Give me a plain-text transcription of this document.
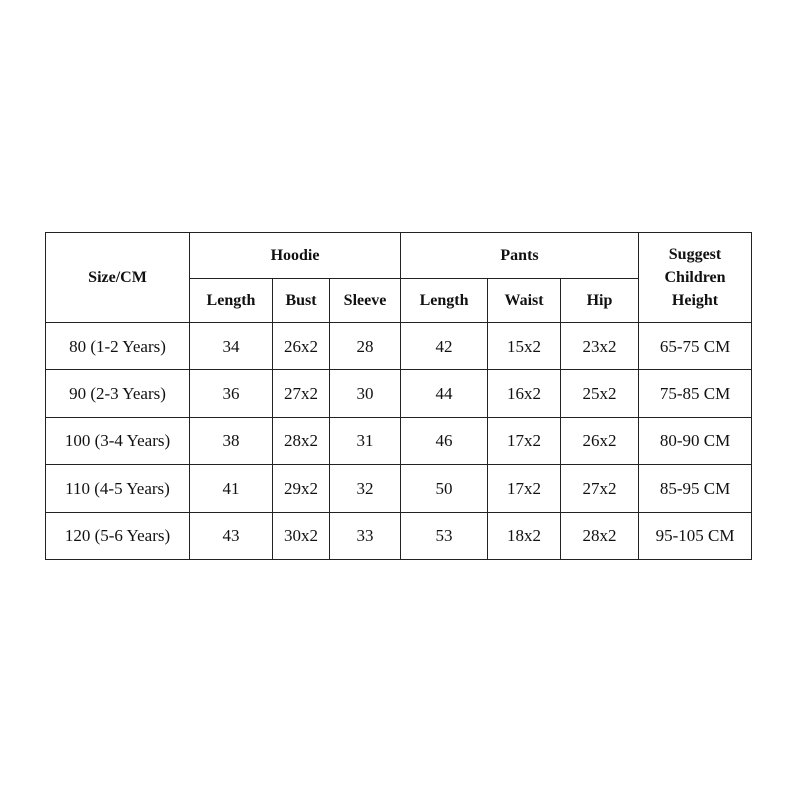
Size/CM	Hoodie			Pants			Suggest
Children
Height
	Length	Bust	Sleeve	Length	Waist	Hip	
80 (1-2 Years)	34	26x2	28	42	15x2	23x2	65-75 CM
90 (2-3 Years)	36	27x2	30	44	16x2	25x2	75-85 CM
100 (3-4 Years)	38	28x2	31	46	17x2	26x2	80-90 CM
110 (4-5 Years)	41	29x2	32	50	17x2	27x2	85-95 CM
120 (5-6 Years)	43	30x2	33	53	18x2	28x2	95-105 CM
